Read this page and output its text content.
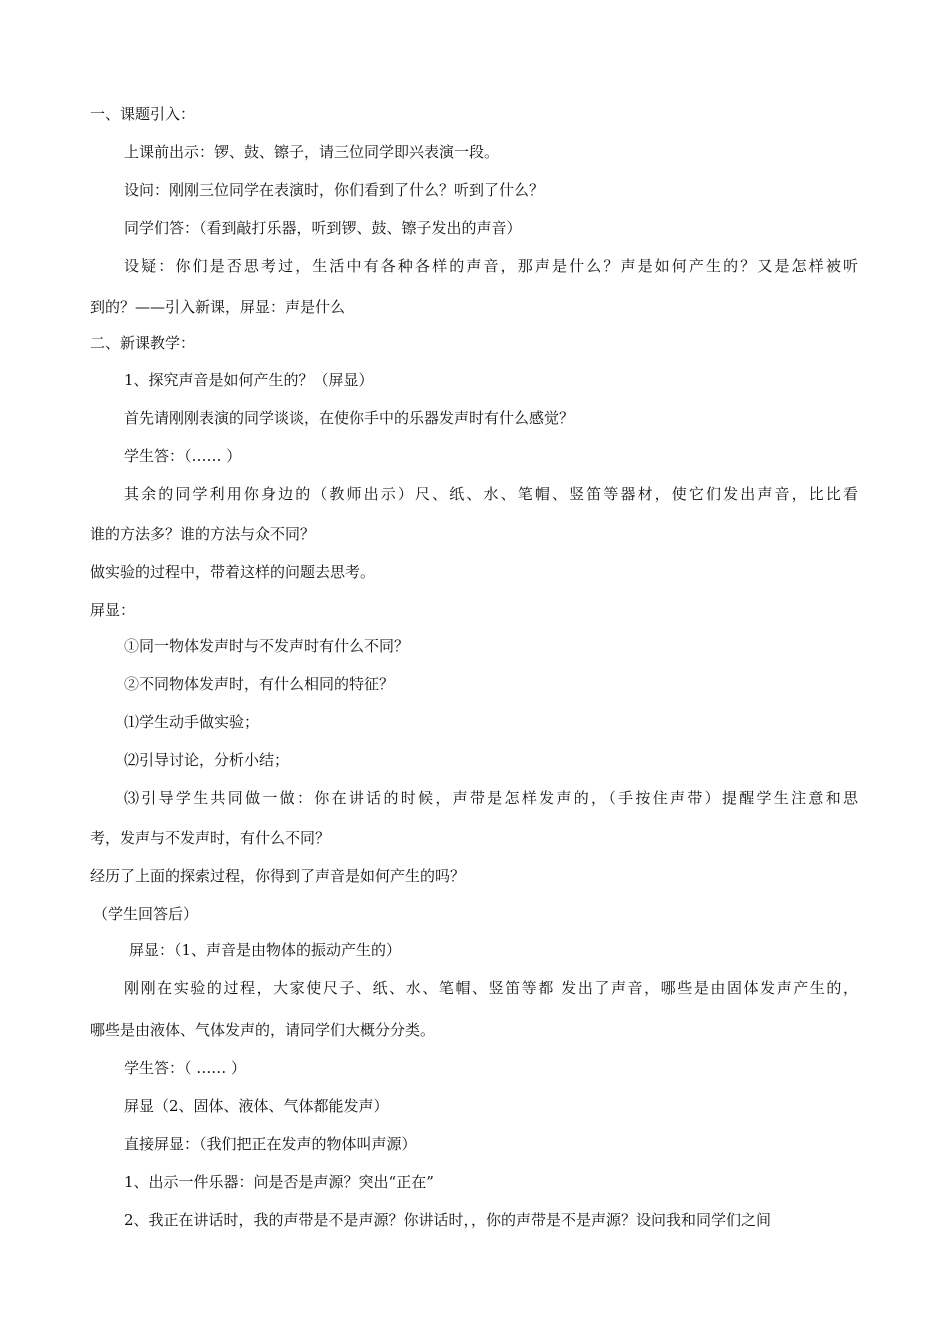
一、课题引入：
上课前出示：锣、鼓、镲子，请三位同学即兴表演一段。
设问：刚刚三位同学在表演时，你们看到了什么？听到了什么？
同学们答：（看到敲打乐器，听到锣、鼓、镲子发出的声音）
设疑：你们是否思考过，生活中有各种各样的声音，那声是什么？声是如何产生的？又是怎样被听
到的？——引入新课，屏显：声是什么
二、新课教学：
1、探究声音是如何产生的？（屏显）
首先请刚刚表演的同学谈谈，在使你手中的乐器发声时有什么感觉？
学生答：（…… ）
其余的同学利用你身边的（教师出示）尺、纸、水、笔帽、竖笛等器材，使它们发出声音，比比看
谁的方法多？谁的方法与众不同？
做实验的过程中，带着这样的问题去思考。
屏显：
①同一物体发声时与不发声时有什么不同？
②不同物体发声时，有什么相同的特征？
⑴学生动手做实验；
⑵引导讨论，分析小结；
⑶引导学生共同做一做：你在讲话的时候，声带是怎样发声的，（手按住声带）提醒学生注意和思
考，发声与不发声时，有什么不同？
经历了上面的探索过程，你得到了声音是如何产生的吗？
（学生回答后）
屏显：（1、声音是由物体的振动产生的）
刚刚在实验的过程，大家使尺子、纸、水、笔帽、竖笛等都 发出了声音，哪些是由固体发声产生的，
哪些是由液体、气体发声的，请同学们大概分分类。
学生答：（ …… ）
屏显（2、固体、液体、气体都能发声）
直接屏显：（我们把正在发声的物体叫声源）
1、出示一件乐器：问是否是声源？突出“正在”
2、我正在讲话时，我的声带是不是声源？你讲话时，，你的声带是不是声源？设问我和同学们之间
